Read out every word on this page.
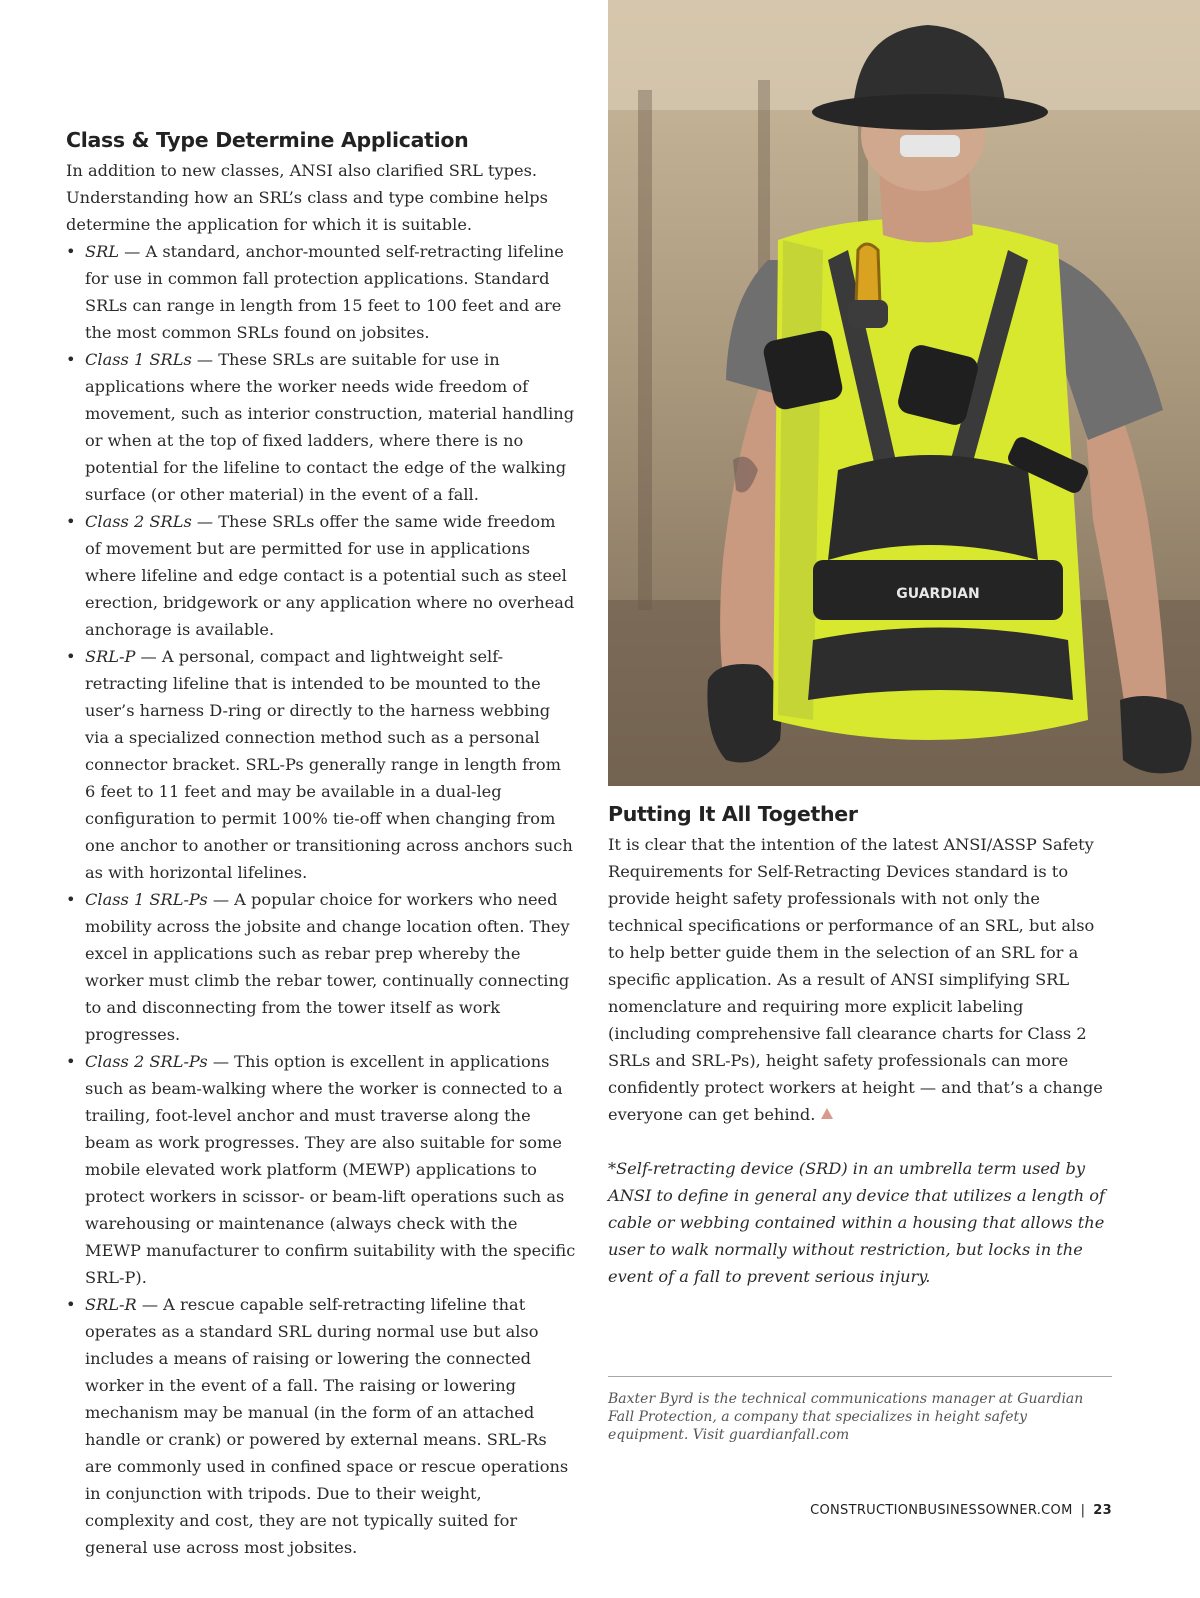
Class & Type Determine Application

In addition to new classes, ANSI also clarified SRL types. Understanding how an SRL’s class and type combine helps determine the application for which it is suitable.

• SRL — A standard, anchor-mounted self-retracting lifeline for use in common fall protection applications. Standard SRLs can range in length from 15 feet to 100 feet and are the most common SRLs found on jobsites.
• Class 1 SRLs — These SRLs are suitable for use in applications where the worker needs wide freedom of movement, such as interior construction, material handling or when at the top of fixed ladders, where there is no potential for the lifeline to contact the edge of the walking surface (or other material) in the event of a fall.
• Class 2 SRLs — These SRLs offer the same wide freedom of movement but are permitted for use in applications where lifeline and edge contact is a potential such as steel erection, bridgework or any application where no overhead anchorage is available.
• SRL-P — A personal, compact and lightweight self-retracting lifeline that is intended to be mounted to the user’s harness D-ring or directly to the harness webbing via a specialized connection method such as a personal connector bracket. SRL-Ps generally range in length from 6 feet to 11 feet and may be available in a dual-leg configuration to permit 100% tie-off when changing from one anchor to another or transitioning across anchors such as with horizontal lifelines.
• Class 1 SRL-Ps — A popular choice for workers who need mobility across the jobsite and change location often. They excel in applications such as rebar prep whereby the worker must climb the rebar tower, continually connecting to and disconnecting from the tower itself as work progresses.
• Class 2 SRL-Ps — This option is excellent in applications such as beam-walking where the worker is connected to a trailing, foot-level anchor and must traverse along the beam as work progresses. They are also suitable for some mobile elevated work platform (MEWP) applications to protect workers in scissor- or beam-lift operations such as warehousing or maintenance (always check with the MEWP manufacturer to confirm suitability with the specific SRL-P).
• SRL-R — A rescue capable self-retracting lifeline that operates as a standard SRL during normal use but also includes a means of raising or lowering the connected worker in the event of a fall. The raising or lowering mechanism may be manual (in the form of an attached handle or crank) or powered by external means. SRL-Rs are commonly used in confined space or rescue operations in conjunction with tripods. Due to their weight, complexity and cost, they are not typically suited for general use across most jobsites.
GUARDIAN
Putting It All Together

It is clear that the intention of the latest ANSI/ASSP Safety Requirements for Self-Retracting Devices standard is to provide height safety professionals with not only the technical specifications or performance of an SRL, but also to help better guide them in the selection of an SRL for a specific application. As a result of ANSI simplifying SRL nomenclature and requiring more explicit labeling (including comprehensive fall clearance charts for Class 2 SRLs and SRL-Ps), height safety professionals can more confidently protect workers at height — and that’s a change everyone can get behind.

*Self-retracting device (SRD) in an umbrella term used by ANSI to define in general any device that utilizes a length of cable or webbing contained within a housing that allows the user to walk normally without restriction, but locks in the event of a fall to prevent serious injury.

Baxter Byrd is the technical communications manager at Guardian Fall Protection, a company that specializes in height safety equipment. Visit guardianfall.com

CONSTRUCTIONBUSINESSOWNER.COM | 23
